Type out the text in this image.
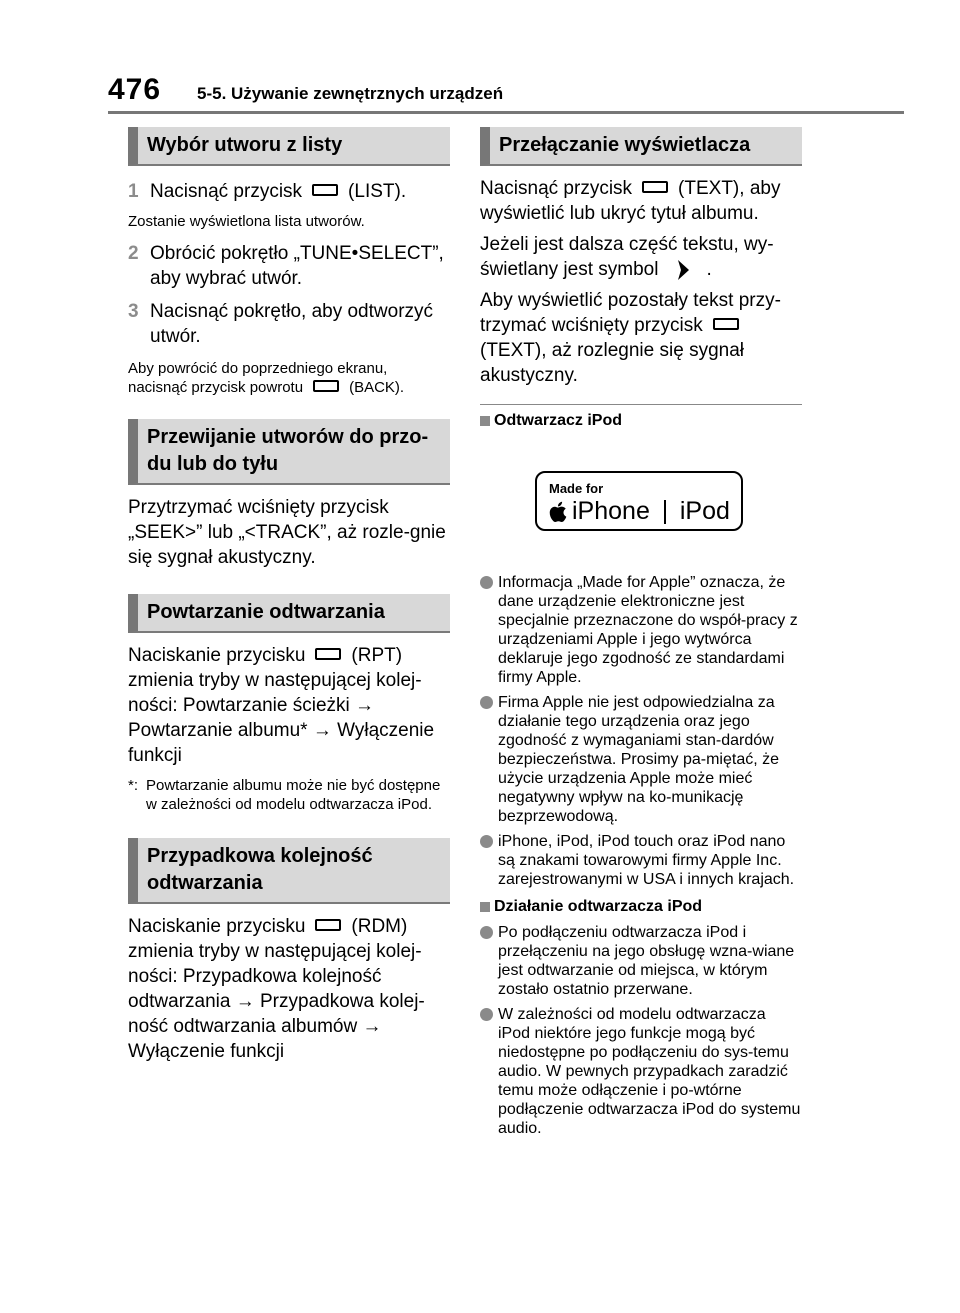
476 5-5. Używanie zewnętrznych urządzeń
Wybór utworu z listy
1 Nacisnąć przycisk (LIST).

Zostanie wyświetlona lista utworów.

2 Obrócić pokrętło „TUNE•SELECT”, aby wybrać utwór.
3 Nacisnąć pokrętło, aby odtworzyć utwór.

Aby powrócić do poprzedniego ekranu, nacisnąć przycisk powrotu	(BACK).

Przewijanie utworów do przo-du lub do tyłu

Przytrzymać wciśnięty przycisk „SEEK>” lub „<TRACK”, aż rozle-gnie się sygnał akustyczny.

Powtarzanie odtwarzania

Naciskanie przycisku (RPT) zmienia tryby w następującej kolej-ności: Powtarzanie ścieżki → Powtarzanie albumu* → Wyłączenie funkcji

*: Powtarzanie albumu może nie być dostępne w zależności od modelu odtwarzacza iPod.
Przypadkowa kolejność odtwarzania

Naciskanie przycisku (RDM) zmienia tryby w następującej kolej-ności: Przypadkowa kolejność odtwarzania → Przypadkowa kolej-ność odtwarzania albumów → Wyłączenie funkcji

Przełączanie wyświetlacza

Nacisnąć przycisk (TEXT), aby wyświetlić lub ukryć tytuł albumu.

Jeżeli jest dalsza część tekstu, wy-świetlany jest symbol	.

Aby wyświetlić pozostały tekst przy-trzymać wciśnięty przycisk(TEXT), aż rozlegnie się sygnał akustyczny.

Odtwarzacz iPod
Made for
iPhone iPod
Informacja „Made for Apple” oznacza, że dane urządzenie elektroniczne jest specjalnie przeznaczone do współ-pracy z urządzeniami Apple i jego wytwórca deklaruje jego zgodność ze standardami firmy Apple.
Firma Apple nie jest odpowiedzialna za działanie tego urządzenia oraz jego zgodność z wymaganiami stan-dardów bezpieczeństwa. Prosimy pa-miętać, że użycie urządzenia Apple może mieć negatywny wpływ na ko-munikację bezprzewodową.
iPhone, iPod, iPod touch oraz iPod nano są znakami towarowymi firmy Apple Inc. zarejestrowanymi w USA i innych krajach.
Działanie odtwarzacza iPod
Po podłączeniu odtwarzacza iPod i przełączeniu na jego obsługę wzna-wiane jest odtwarzanie od miejsca, w którym zostało ostatnio przerwane.
W zależności od modelu odtwarzacza iPod niektóre jego funkcje mogą być niedostępne po podłączeniu do sys-temu audio. W pewnych przypadkach zaradzić temu może odłączenie i po-wtórne podłączenie odtwarzacza iPod do systemu audio.
